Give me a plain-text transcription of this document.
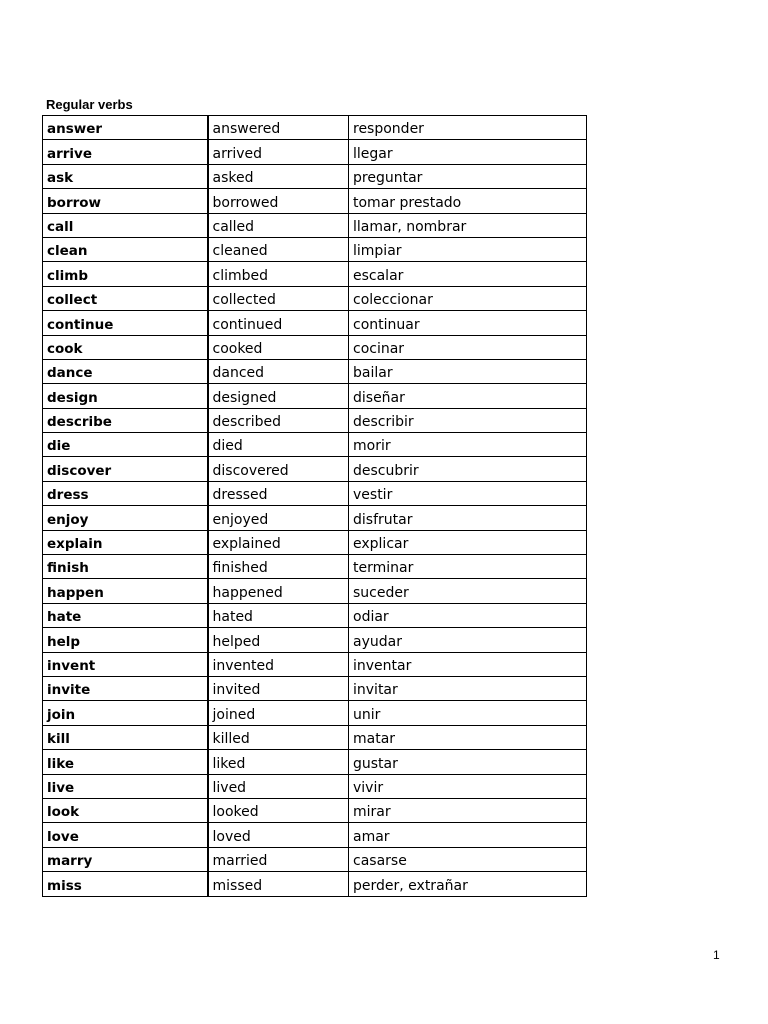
Regular verbs
answer	answered	responder
arrive	arrived	llegar
ask	asked	preguntar
borrow	borrowed	tomar prestado
call	called	llamar, nombrar
clean	cleaned	limpiar
climb	climbed	escalar
collect	collected	coleccionar
continue	continued	continuar
cook	cooked	cocinar
dance	danced	bailar
design	designed	diseñar
describe	described	describir
die	died	morir
discover	discovered	descubrir
dress	dressed	vestir
enjoy	enjoyed	disfrutar
explain	explained	explicar
finish	finished	terminar
happen	happened	suceder
hate	hated	odiar
help	helped	ayudar
invent	invented	inventar
invite	invited	invitar
join	joined	unir
kill	killed	matar
like	liked	gustar
live	lived	vivir
look	looked	mirar
love	loved	amar
marry	married	casarse
miss	missed	perder, extrañar
1
